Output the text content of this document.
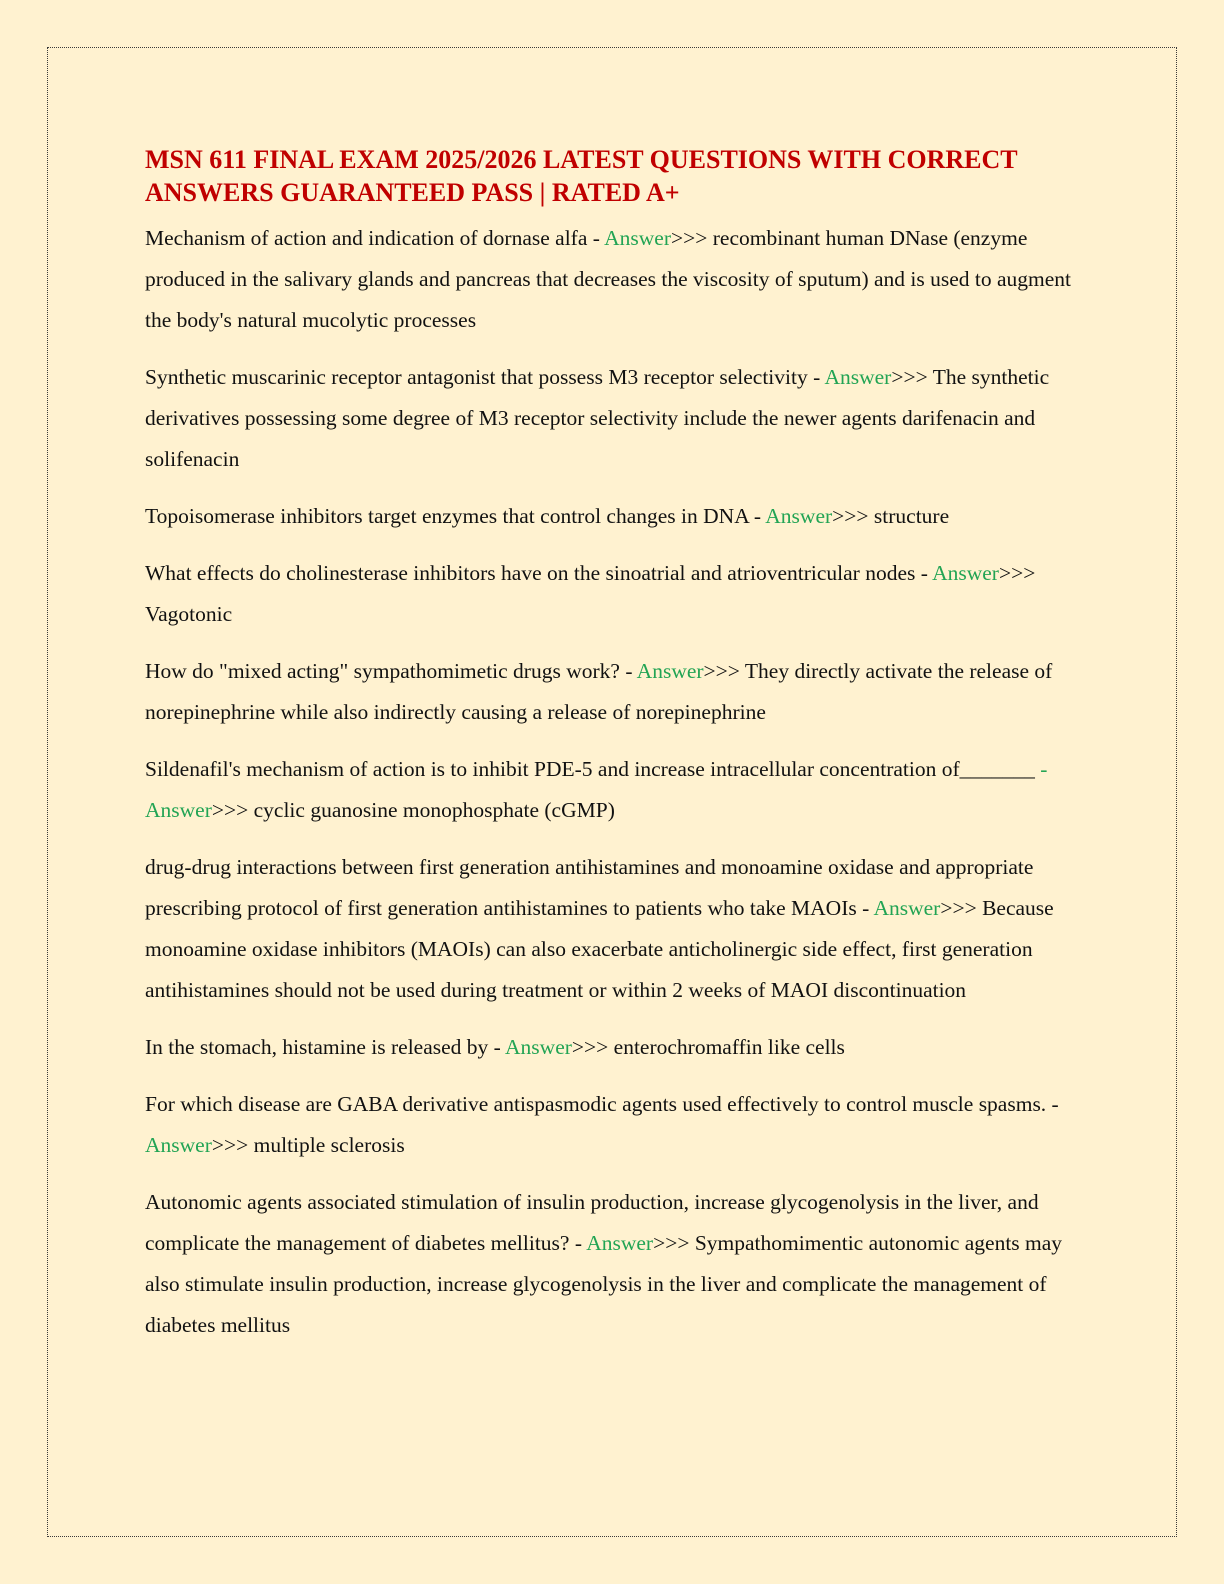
MSN 611 FINAL EXAM 2025/2026 LATEST QUESTIONS WITH CORRECT ANSWERS GUARANTEED PASS | RATED A+

Mechanism of action and indication of dornase alfa - Answer>>> recombinant human DNase (enzyme produced in the salivary glands and pancreas that decreases the viscosity of sputum) and is used to augment the body's natural mucolytic processes

Synthetic muscarinic receptor antagonist that possess M3 receptor selectivity - Answer>>> The synthetic derivatives possessing some degree of M3 receptor selectivity include the newer agents darifenacin and solifenacin

Topoisomerase inhibitors target enzymes that control changes in DNA - Answer>>> structure

What effects do cholinesterase inhibitors have on the sinoatrial and atrioventricular nodes - Answer>>> Vagotonic

How do "mixed acting" sympathomimetic drugs work? - Answer>>> They directly activate the release of norepinephrine while also indirectly causing a release of norepinephrine

Sildenafil's mechanism of action is to inhibit PDE-5 and increase intracellular concentration of_______ - Answer>>> cyclic guanosine monophosphate (cGMP)

drug-drug interactions between first generation antihistamines and monoamine oxidase and appropriate prescribing protocol of first generation antihistamines to patients who take MAOIs - Answer>>> Because monoamine oxidase inhibitors (MAOIs) can also exacerbate anticholinergic side effect, first generation antihistamines should not be used during treatment or within 2 weeks of MAOI discontinuation

In the stomach, histamine is released by - Answer>>> enterochromaffin like cells

For which disease are GABA derivative antispasmodic agents used effectively to control muscle spasms. - Answer>>> multiple sclerosis

Autonomic agents associated stimulation of insulin production, increase glycogenolysis in the liver, and complicate the management of diabetes mellitus? - Answer>>> Sympathomimentic autonomic agents may also stimulate insulin production, increase glycogenolysis in the liver and complicate the management of diabetes mellitus
